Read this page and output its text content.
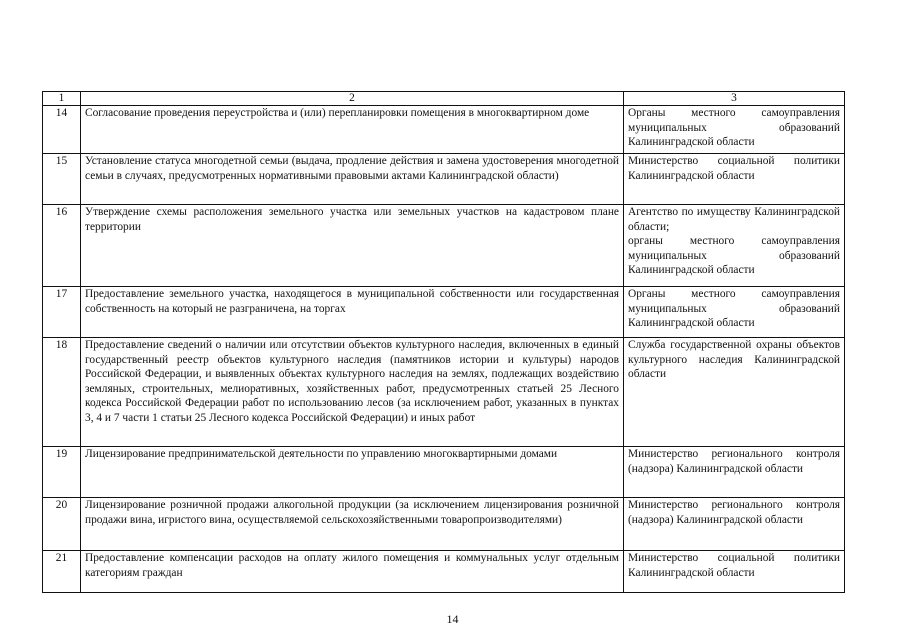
1	2	3
14	Согласование проведения переустройства и (или) перепланировки помещения в многоквартирном доме	Органы местного самоуправления муниципальных образований Калининградской области

15	Установление статуса многодетной семьи (выдача, продление действия и замена удостоверения многодетной семьи в случаях, предусмотренных нормативными правовыми актами Калининградской области)	Министерство социальной политики Калининградской области

16	Утверждение схемы расположения земельного участка или земельных участков на кадастровом плане территории	Агентство по имуществу Калининградской области;
органы местного самоуправления муниципальных образований Калининградской области

17	Предоставление земельного участка, находящегося в муниципальной собственности или государственная собственность на который не разграничена, на торгах	Органы местного самоуправления муниципальных образований Калининградской области

18	Предоставление сведений о наличии или отсутствии объектов культурного наследия, включенных в единый государственный реестр объектов культурного наследия (памятников истории и культуры) народов Российской Федерации, и выявленных объектах культурного наследия на землях, подлежащих воздействию земляных, строительных, мелиоративных, хозяйственных работ, предусмотренных статьей 25 Лесного кодекса Российской Федерации работ по использованию лесов (за исключением работ, указанных в пунктах 3, 4 и 7 части 1 статьи 25 Лесного кодекса Российской Федерации) и иных работ	Служба государственной охраны объектов культурного наследия Калининградской области

19	Лицензирование предпринимательской деятельности по управлению многоквартирными домами	Министерство регионального контроля (надзора) Калининградской области

20	Лицензирование розничной продажи алкогольной продукции (за исключением лицензирования розничной продажи вина, игристого вина, осуществляемой сельскохозяйственными товаропроизводителями)	Министерство регионального контроля (надзора) Калининградской области

21	Предоставление компенсации расходов на оплату жилого помещения и коммунальных услуг отдельным категориям граждан	Министерство социальной политики Калининградской области
14
